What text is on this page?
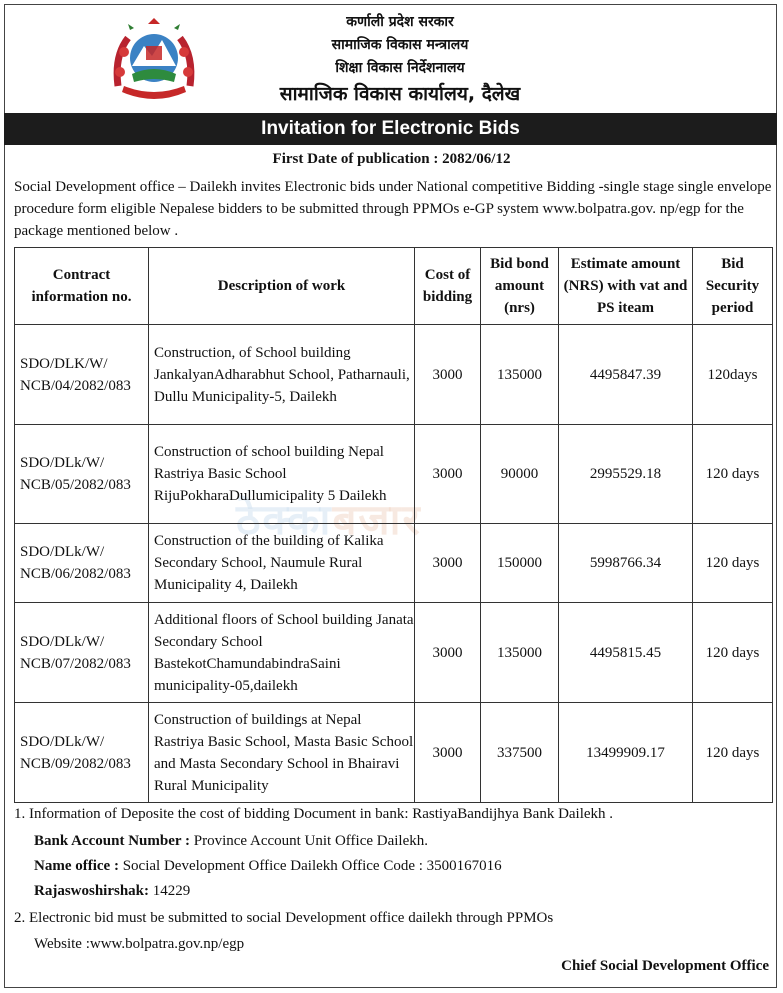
कर्णाली प्रदेश सरकार
सामाजिक विकास मन्त्रालय
शिक्षा विकास निर्देशनालय
सामाजिक विकास कार्यालय, दैलेख
Invitation for Electronic Bids
First Date of publication : 2082/06/12
Social Development office – Dailekh invites Electronic bids under National competitive Bidding -single stage single envelope procedure form eligible Nepalese bidders to be submitted through PPMOs e-GP system www.bolpatra.gov. np/egp for the package mentioned below .
ठेक्काबजार
Contract information no.	Description of work	Cost of bidding	Bid bond amount (nrs)	Estimate amount (NRS) with vat and PS iteam	Bid Security period
SDO/DLK/W/ NCB/04/2082/083	Construction, of School building JankalyanAdharabhut School, Patharnauli, Dullu Municipality-5, Dailekh	3000	135000	4495847.39	120days
SDO/DLk/W/ NCB/05/2082/083	Construction of school building Nepal Rastriya Basic School RijuPokharaDullumicipality 5 Dailekh	3000	90000	2995529.18	120 days
SDO/DLk/W/ NCB/06/2082/083	Construction of the building of Kalika Secondary School, Naumule Rural Municipality 4, Dailekh	3000	150000	5998766.34	120 days
SDO/DLk/W/ NCB/07/2082/083	Additional floors of School building Janata Secondary School BastekotChamundabindraSaini municipality-05,dailekh	3000	135000	4495815.45	120 days
SDO/DLk/W/ NCB/09/2082/083	Construction of buildings at Nepal Rastriya Basic School, Masta Basic School and Masta Secondary School in Bhairavi Rural Municipality	3000	337500	13499909.17	120 days
1. Information of Deposite the cost of bidding Document in bank: RastiyaBandijhya Bank Dailekh .
Bank Account Number : Province Account Unit Office Dailekh.
Name office : Social Development Office Dailekh Office Code : 3500167016
Rajaswoshirshak: 14229
2. Electronic bid must be submitted to social Development office dailekh through PPMOs
Website :www.bolpatra.gov.np/egp
Chief Social Development Office
